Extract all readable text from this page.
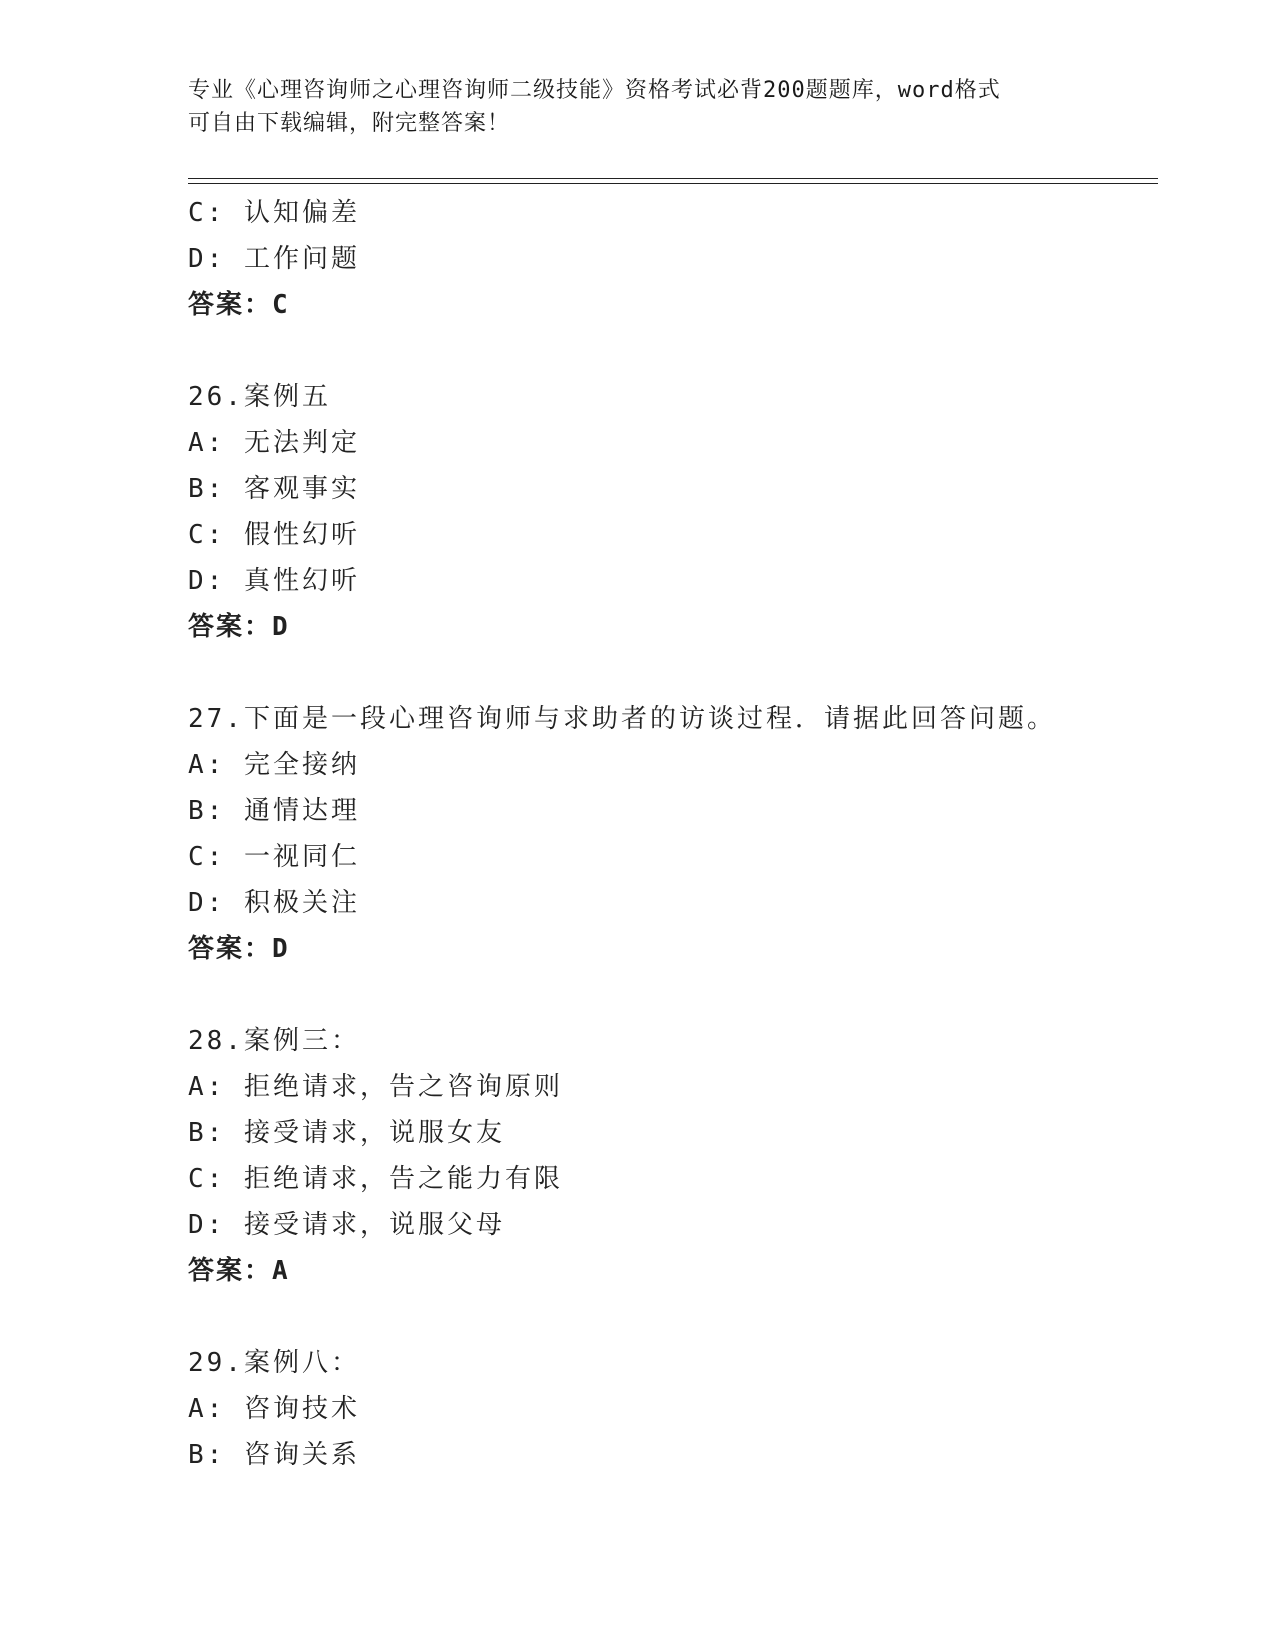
专业《心理咨询师之心理咨询师二级技能》资格考试必背200题题库，word格式
可自由下载编辑，附完整答案！
C: 认知偏差
D: 工作问题
答案：C
26.案例五
A: 无法判定
B: 客观事实
C: 假性幻听
D: 真性幻听
答案：D
27.下面是一段心理咨询师与求助者的访谈过程．请据此回答问题。
A: 完全接纳
B: 通情达理
C: 一视同仁
D: 积极关注
答案：D
28.案例三：
A: 拒绝请求，告之咨询原则
B: 接受请求，说服女友
C: 拒绝请求，告之能力有限
D: 接受请求，说服父母
答案：A
29.案例八：
A: 咨询技术
B: 咨询关系
